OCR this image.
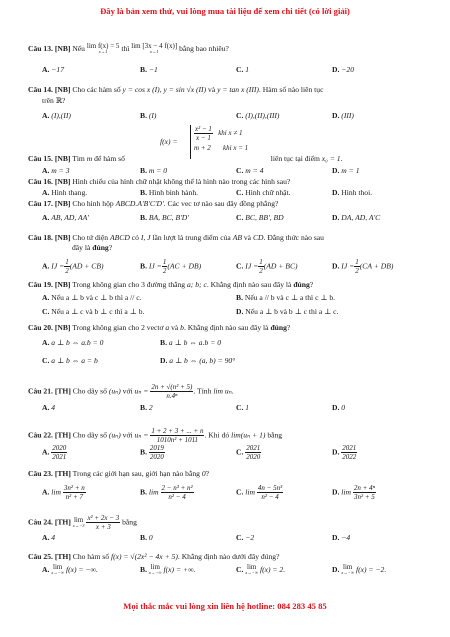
Đây là bản xem thử, vui lòng mua tài liệu để xem chi tiết (có lời giải)
Câu 13. [NB] Nếu lim f(x) = 5
x→1	thì lim [3x − 4 f(x)]
x→1	bằng bao nhiêu?
A. −17	B. −1	C. 1	D. −20
Câu 14. [NB] Cho các hàm số y = cos x (I), y = sin √x (II) và y = tan x (III). Hàm số nào liên tục
trên ℝ?
A. (I),(II)	B. (I)	C. (I),(II),(III)	D. (III)
$f(x) = \frac{\text{x² − 1}}{x - 1}$ khi x ≠ 1
m + 2 khi x = 1
Câu 15. [NB] Tìm m để hàm số	liên tục tại điểm x₀ = 1.
A. m = 3	B. m = 0	C. m = 4	D. m = 1
Câu 16. [NB] Hình chiếu của hình chữ nhật không thể là hình nào trong các hình sau?
A. Hình thang.	B. Hình bình hành.	C. Hình chữ nhật.	D. Hình thoi.
Câu 17. [NB] Cho hình hộp ABCD.A'B'C'D'. Các vec tơ nào sau đây đồng phẳng?
A. AB, AD, AA'	B. BA, BC, B'D'	C. BC, BB', BD	D. DA, AD, A'C
Câu 18. [NB] Cho tứ diện ABCD có I, J lần lượt là trung điểm của AB và CD. Đẳng thức nào sau
đây là đúng?
A. IJ = $\frac{1}{2} (AD + CB)$	B. IJ = $\frac{1}{2} (AC + DB)$	C. IJ = $\frac{1}{2} (AD + BC)$	D. IJ = $\frac{1}{2} (CA + DB)$
Câu 19. [NB] Trong không gian cho 3 đường thẳng a; b; c. Khẳng định nào sau đây là đúng?
A. Nếu a ⊥ b và c ⊥ b thì a // c.	B. Nếu a // b và c ⊥ a thì c ⊥ b.
C. Nếu a ⊥ c và b ⊥ c thì a ⊥ b.	D. Nếu a ⊥ b và b ⊥ c thì a ⊥ c.
Câu 20. [NB] Trong không gian cho 2 vectơ a và b. Khẳng định nào sau đây là đúng?
A. a ⊥ b ⇔ a.b = 0	B. a ⊥ b ⇔ a.b = 0
C. a ⊥ b ⇔ a = b	D. a ⊥ b ⇔ (a, b) = 90°
Câu 21. [TH] Cho dãy số (uₙ) với $u_n = \frac{\text{2n + √(n² + 5)}}{\text{n.4ⁿ}}$ . Tính lim uₙ.
A. 4	B. 2	C. 1	D. 0
Câu 22. [TH] Cho dãy số (uₙ) với $u_n = \frac{1 + 2 + 3 + ... + n}{\text{1010n² + 1011}}$ . Khi đó lim(uₙ + 1) bằng
A. $\frac{2020}{2021}$	B. $\frac{2019}{2020}$	C. $\frac{2021}{2020}$	D. $\frac{2021}{2022}$
Câu 23. [TH] Trong các giới hạn sau, giới hạn nào bằng 0?
A. $\lim \frac{\text{3n² + n}}{\text{n² + 7}}$	B. $\lim \frac{\text{2 − n³ + n²}}{\text{n² − 4}}$	C. $\lim \frac{\text{4n − 5n³}}{\text{n² − 4}}$	D. $\lim \frac{\text{2n + 4ⁿ}}{\text{3n² + 5}}$
Câu 24. [TH] lim
x→−3
$\frac{\text{x² + 2x − 3}}{x + 3}$ bằng
A. 4	B. 0	C. −2	D. −4
Câu 25. [TH] Cho hàm số f(x) = √(2x² − 4x + 5). Khẳng định nào dưới đây đúng?
A. lim
x→−∞ f(x) = −∞.	B. lim
x→−∞ f(x) = +∞.	C. lim
x→−∞ f(x) = 2.	D. lim
x→−∞ f(x) = −2.
Mọi thắc mắc vui lòng xin liên hệ hotline: 084 283 45 85
